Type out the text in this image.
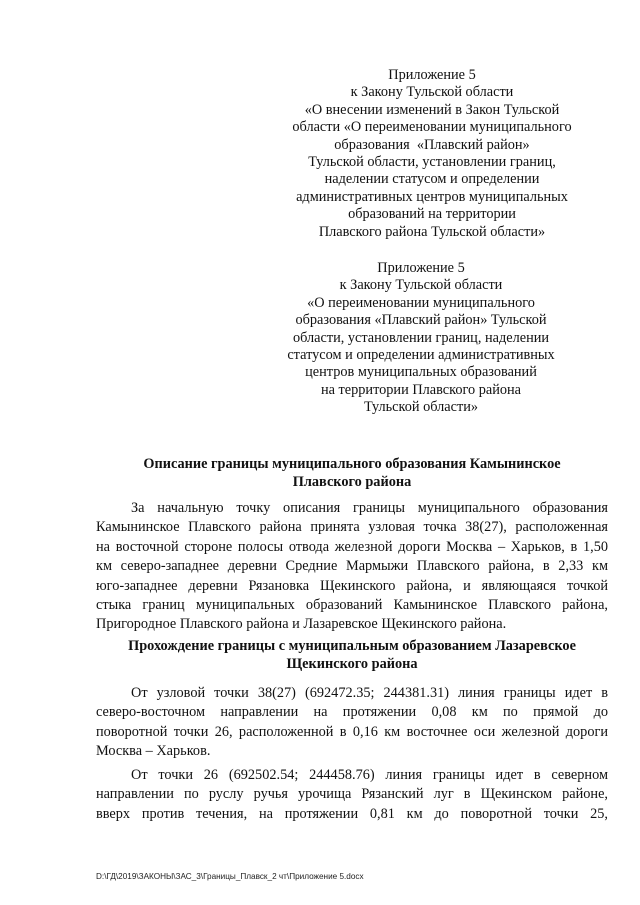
Приложение 5
к Закону Тульской области
«О внесении изменений в Закон Тульской
области «О переименовании муниципального
образования  «Плавский район»
Тульской области, установлении границ,
наделении статусом и определении
административных центров муниципальных
образований на территории
Плавского района Тульской области»
Приложение 5
к Закону Тульской области
«О переименовании муниципального
образования «Плавский район» Тульской
области, установлении границ, наделении
статусом и определении административных
центров муниципальных образований
на территории Плавского района
Тульской области»
Описание границы муниципального образования Камынинское
Плавского района
За начальную точку описания границы муниципального образования
Камынинское Плавского района принята узловая точка 38(27), расположенная
на восточной стороне полосы отвода железной дороги Москва – Харьков, в 1,50
км северо-западнее деревни Средние Мармыжи Плавского района, в 2,33 км
юго-западнее деревни Рязановка Щекинского района, и являющаяся точкой
стыка границ муниципальных образований Камынинское Плавского района,
Пригородное Плавского района и Лазаревское Щекинского района.
Прохождение границы с муниципальным образованием Лазаревское
Щекинского района
От узловой точки 38(27) (692472.35; 244381.31) линия границы идет в
северо-восточном направлении на протяжении 0,08 км по прямой до
поворотной точки 26, расположенной в 0,16 км восточнее оси железной дороги
Москва – Харьков.
От точки 26 (692502.54; 244458.76) линия границы идет в северном
направлении по руслу ручья урочища Рязанский луг в Щекинском районе,
вверх против течения, на протяжении 0,81 км до поворотной точки 25,
D:\ГД\2019\ЗАКОНЫ\ЗАС_3\Границы_Плавск_2 чт\Приложение 5.docx
